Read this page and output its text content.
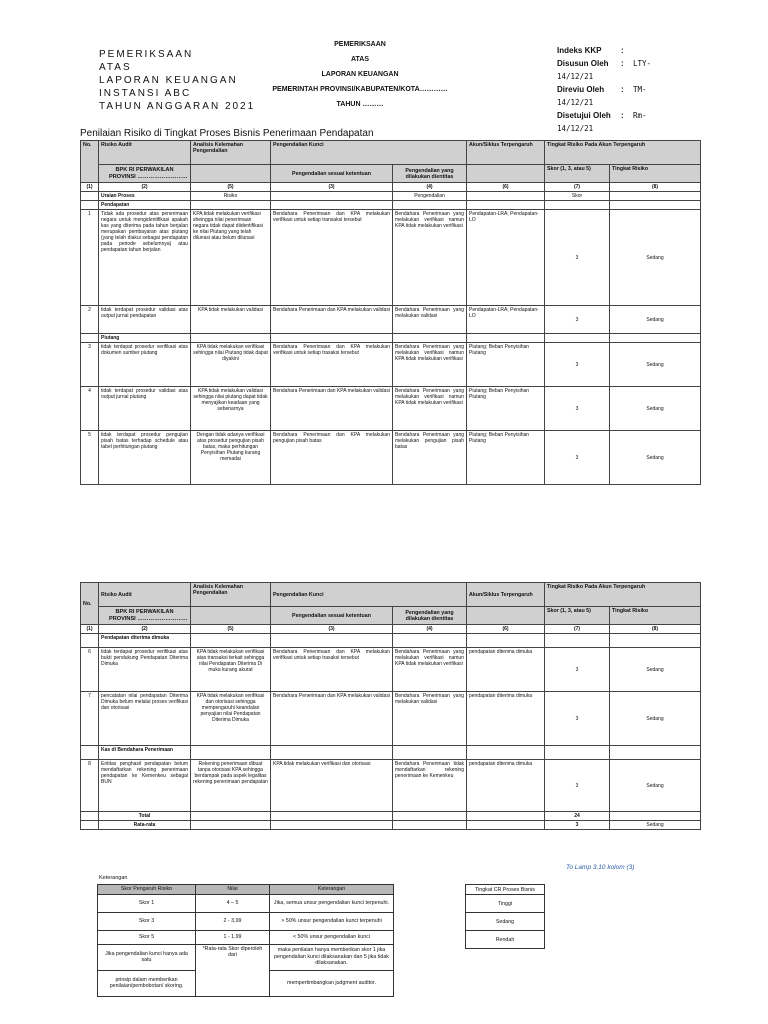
PEMERIKSAAN
ATAS
LAPORAN KEUANGAN
INSTANSI ABC
TAHUN ANGGARAN 2021
PEMERIKSAAN
ATAS
LAPORAN KEUANGAN
PEMERINTAH PROVINSI/KABUPATEN/KOTA…………
TAHUN ………
Indeks KKP	:
Disusun Oleh	:	LTY-
14/12/21
Direviu Oleh	:	TM-
14/12/21
Disetujui Oleh	:	Rm-
14/12/21
Penilaian Risiko di Tingkat Proses Bisnis Penerimaan Pendapatan
No.	Risiko Audit	Analisis Kelemahan Pengendalian	Pengendalian Kunci		Akun/Siklus Terpengaruh	Tingkat Risiko Pada Akun Terpengaruh	

	BPK RI PERWAKILAN
PROVINSI ………………………					Skor (1, 3, atau 5)	Tingkat Risiko
			Pengendalian sesuai ketentuan	Pengendalian yang dilakukan dientitas			
(1)	(2)	(5)	(3)	(4)	(6)	(7)	(8)
	Uraian Proses	Risiko		Pengendalian		Skor	
	Pendapatan						
1	Tidak ada prosedur atas penerimaan negara untuk mengidentifikasi apakah kas yang diterima pada tahun berjalan merupakan pembayaran atas piutang (yang telah diakui sebagai pendapatan pada periode sebelumnya) atau pendapatan tahun berjalan	KPA tidak melakukan verifikasi sheingga nilai penerimaan negara tidak dapat diidentifikasi ke nilai Piutang yang telah dilunasi atau belum dilunasi	Bendahara Penerimaan dan KPA melakukan verifikasi untuk setiap transaksi tersebut	Bendahara Penerimaan yang melakukan verifikasi namun KPA tidak melakukan verifikasi	Pendapatan-LRA; Pendapatan-LO	3	Sedang
2	tidak terdapat prosedur validasi atas output jurnal pendapatan	KPA tidak melakukan validasi	Bendahara Penerimaan dan KPA melakukan validasi	Bendahara Penerimaan yang melakukan validasi	Pendapatan-LRA; Pendapatan-LO	3	Sedang
	Piutang						
3	tidak terdapat prosedur verifikasi atas dokumen sumber piutang	KPA tidak melakukan verifikasi sehingga nilai Piutang tidak dapat diyakini	Bendahara Penerimaan dan KPA melakukan verifikasi untuk setiap trasaksi tersebut	Bendahara Penerimaan yang melakukan verifikasi namun KPA tidak melakukan verifikasi	Piutang; Beban Penyisihan Piutang	3	Sedang
4	tidak terdapat prosedur validasi atas output jurnal piutang	KPA tidak melakukan validasi sehingga nilai piutang dapat tidak menyajikan keadaan yang sebenarnya	Bendahara Penerimaan dan KPA melakukan validasi	Bendahara Penerimaan yang melakukan verifikasi namun KPA tidak melakukan verifikasi	Piutang; Beban Penyisihan Piutang	3	Sedang
5	tidak terdapat prosedur pengujian pisah batas terhadap schedule atau tabel perhitungan piutang	Dengan tidak adanya verifikasi atas prosedur pengujian pisah batas, maka perhitungan Penyisihan Piutang kurang memadai	Bendahara Penerimaan dan KPA melakukan pengujian pisah batas	Bendahara Penerimaan yang melakukan pengujian pisah batas	Piutang; Beban Penyisihan Piutang	3	Sedang
No.	Risiko Audit	Analisis Kelemahan Pengendalian	Pengendalian Kunci		Akun/Siklus Terpengaruh	Tingkat Risiko Pada Akun Terpengaruh	

	BPK RI PERWAKILAN
PROVINSI ………………………					Skor (1, 3, atau 5)	Tingkat Risiko
			Pengendalian sesuai ketentuan	Pengendalian yang dilakukan dientitas			
(1)	(2)	(5)	(3)	(4)	(6)	(7)	(8)
	Pendapatan diterima dimuka						
6	tidak terdapat prosedur verifikasi atas bukti pendukung Pendapatan Diterima Dimuka	KPA tidak melakukan verifikasi atas transaksi terkait sehingga nilai Pendapatan Diterima Di muka kurang akurat	Bendahara Penerimaan dan KPA melakukan verifikasi untuk setiap trasaksi tersebut	Bendahara Penerimaan yang melakukan verifikasi namun KPA tidak melakukan verifikasi	pendapatan diterima dimuka	3	Sedang
7	pencatatan nilai pendapatan Diterima Dimuka belum melalui proses verifikasi dan otorisasi	KPA tidak melakukan verifikasi dan otorisasi sehingga mempengaruhi keandalan penyajian nilai Pendapatan Diterima Dimuka	Bendahara Penerimaan dan KPA melakukan validasi	Bendahara Penerimaan yang melakukan validasi	pendapatan diterima dimuka	3	Sedang
	Kas di Bendahara Penerimaan						
8	Entitas penghasil pendapatan belum mendaftarkan rekening penerimaan pendapatan ke Kemenkeu sebagai BUN	Rekening penerimaan dibuat tanpa otorisasi KPA sehingga berdampak pada aspek legalitas rekening penerimaan pendapatan	KPA tidak melakukan verifikasi dan otorisasi	Bendahara Penerimaan tidak mendaftarkan rekening penerimaan ke Kemenkeu	pendapatan diterima dimuka	3	Sedang
	Total					24	
	Rata-rata					3	Sedang
To Lamp 3.10 kolom (3)
Keterangan
Skor Pengaruh Risiko	Nilai	Keterangan
Skor 1	4 – 5	Jika, semua unsur pengendalian kunci terpenuhi.
Skor 3	2 - 3,99	> 50% unsur pengendalian kunci terpenuhi
Skor 5	1 - 1,99	< 50% unsur pengendalian kunci
Jika pengendalian kunci hanya ada satu	*Rata-rata Skor diperoleh dari	maka penilaian hanya memberikan skor 1 jika pengendalian kunci dilaksanakan dan 5 jika tidak dilaksanakan.
prinsip dalam memberikan penilaian/pembobotan/ skoring.		mempertimbangkan judgment auditor.
Tingkat CR Proses Bisnis
Tinggi
Sedang
Rendah
